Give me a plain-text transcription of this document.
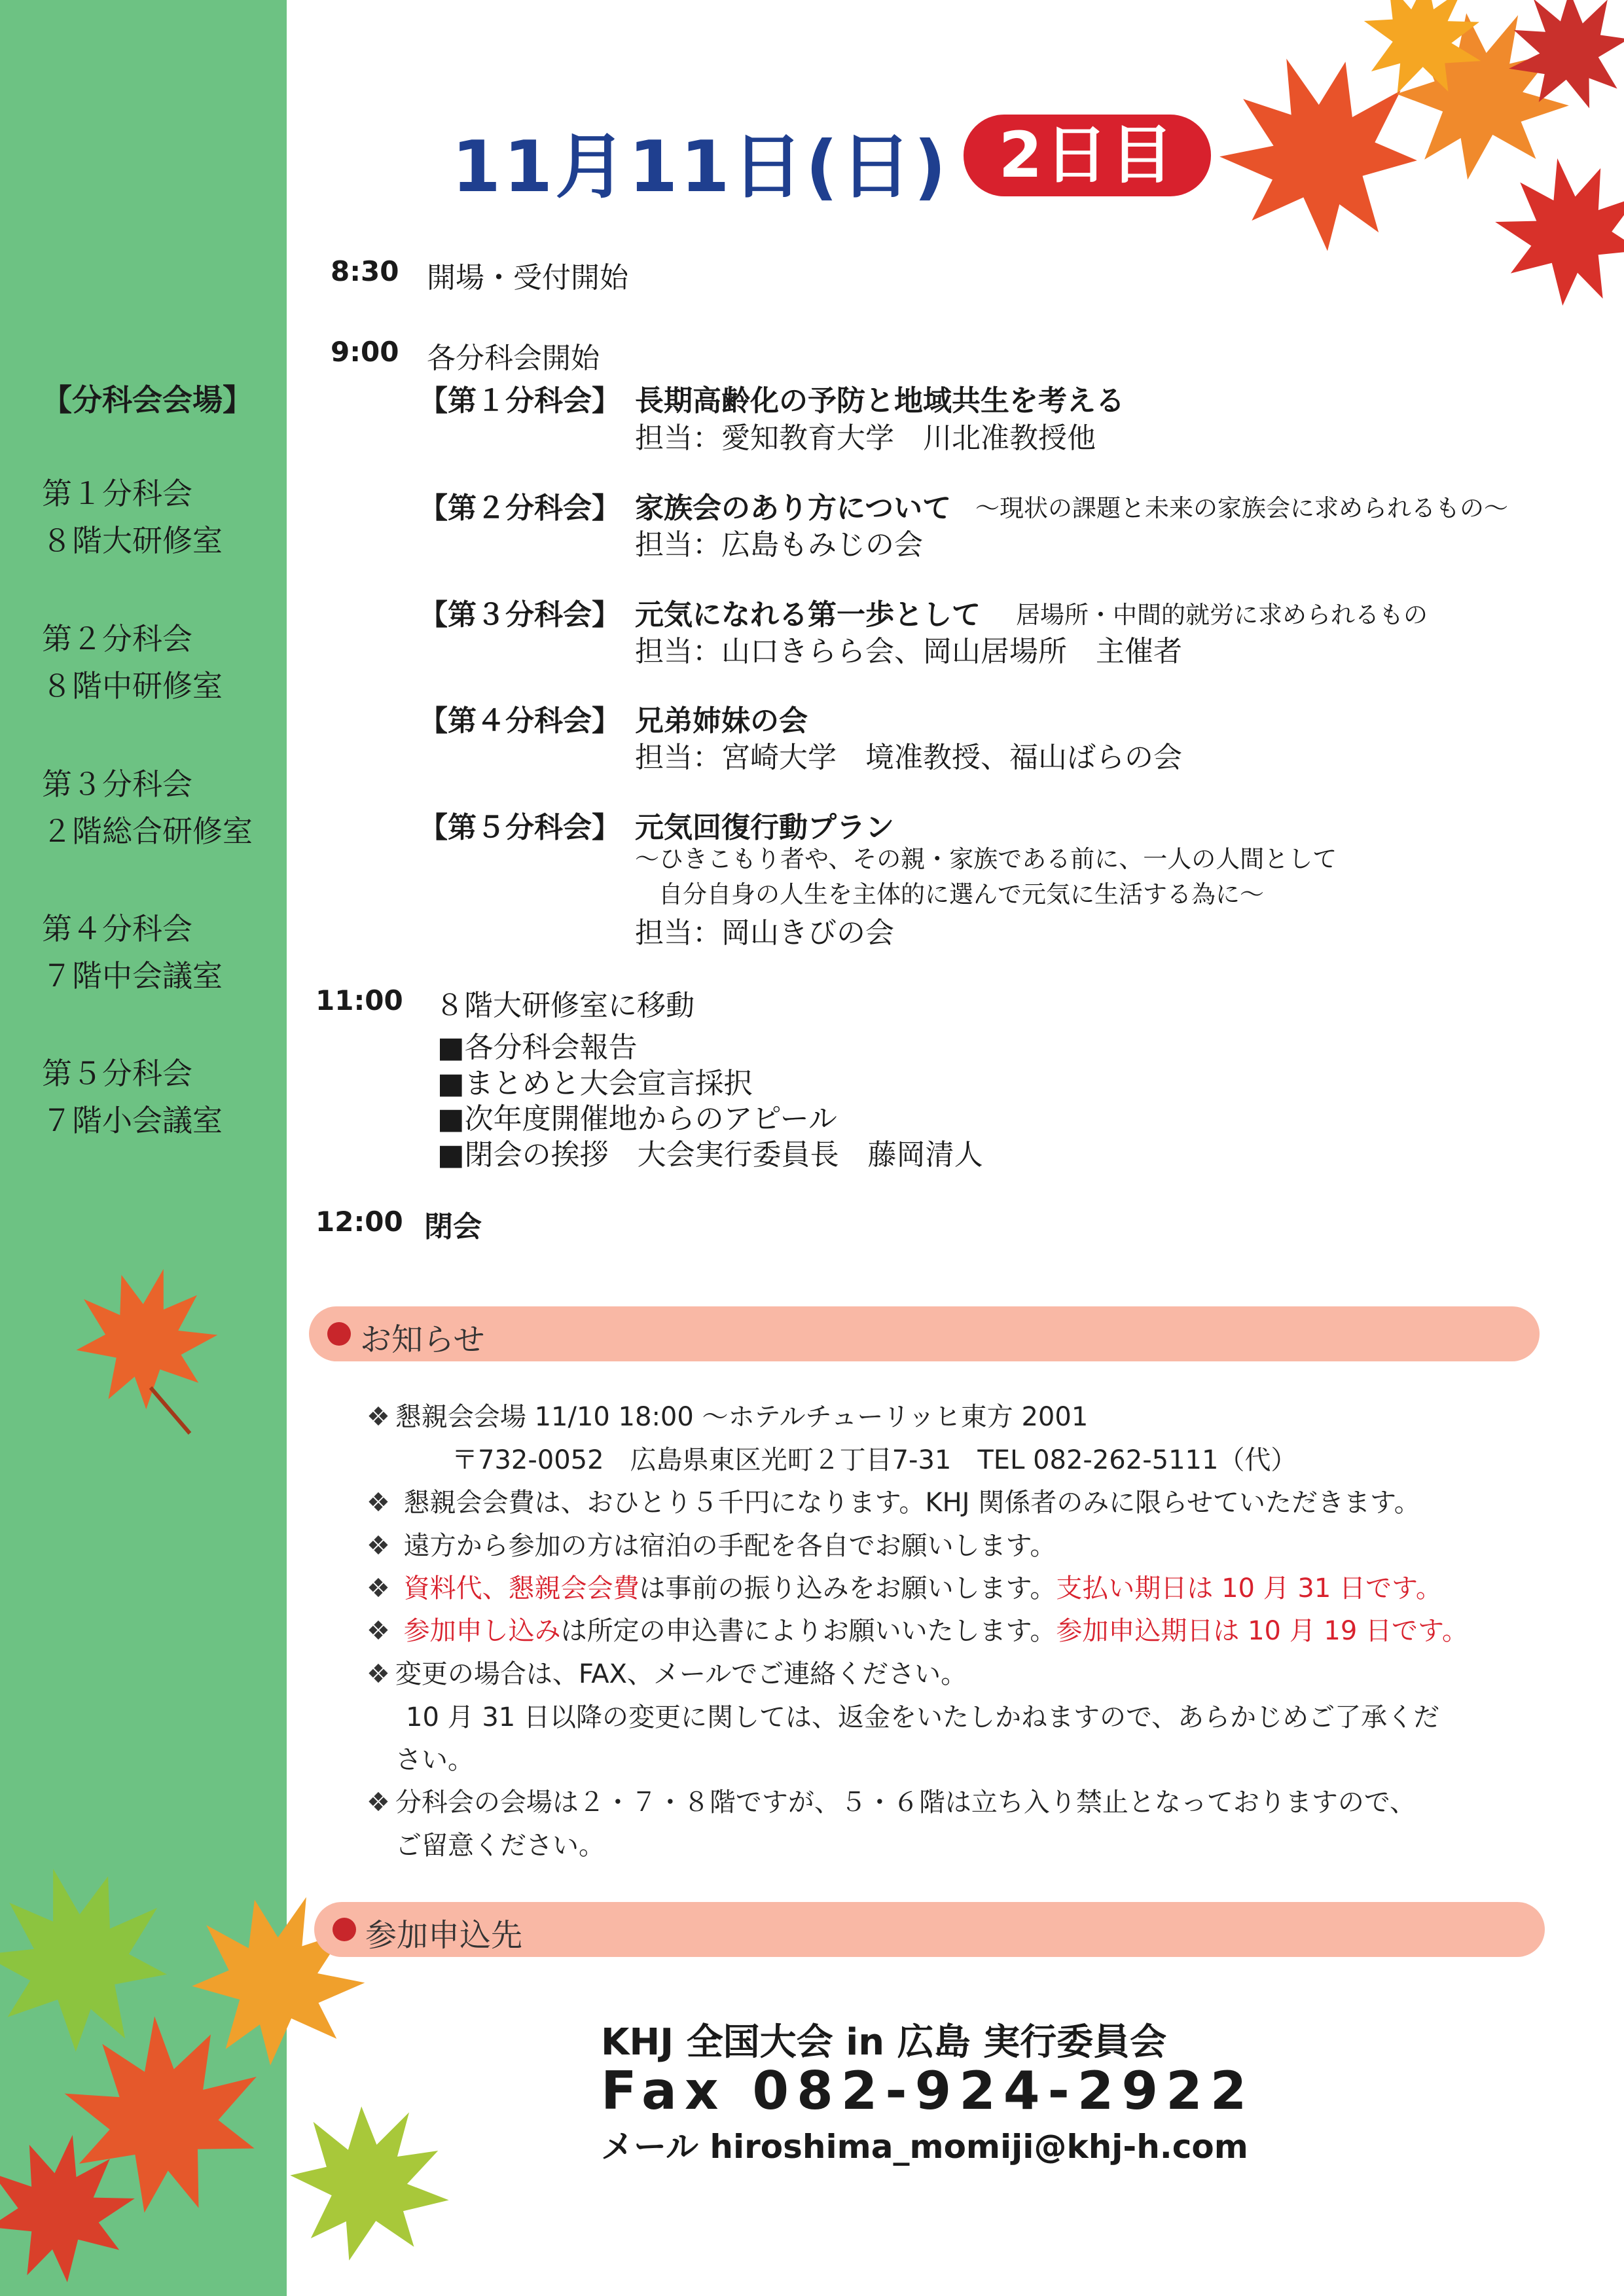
【分科会会場】
第１分科会
８階大研修室
第２分科会
８階中研修室
第３分科会
２階総合研修室
第４分科会
７階中会議室
第５分科会
７階小会議室
11月11日(日) 2日目
8:30 開場・受付開始
9:00 各分科会開始
【第１分科会】 長期高齢化の予防と地域共生を考える
担当：愛知教育大学　川北准教授他
【第２分科会】 家族会のあり方について ～現状の課題と未来の家族会に求められるもの～
担当：広島もみじの会
【第３分科会】 元気になれる第一歩として 居場所・中間的就労に求められるもの
担当：山口きらら会、岡山居場所　主催者
【第４分科会】 兄弟姉妹の会
担当：宮崎大学　境准教授、福山ばらの会
【第５分科会】 元気回復行動プラン
～ひきこもり者や、その親・家族である前に、一人の人間として
自分自身の人生を主体的に選んで元気に生活する為に～
担当：岡山きびの会
11:00 ８階大研修室に移動
■各分科会報告
■まとめと大会宣言採択
■次年度開催地からのアピール
■閉会の挨拶　大会実行委員長　藤岡清人
12:00 閉会
お知らせ
❖ 懇親会会場 11/10 18:00 ～ホテルチューリッヒ東方 2001
〒732-0052　広島県東区光町２丁目7-31　TEL 082-262-5111（代）
❖ 懇親会会費は、おひとり５千円になります。KHJ 関係者のみに限らせていただきます。
❖ 遠方から参加の方は宿泊の手配を各自でお願いします。
❖ 資料代、懇親会会費は事前の振り込みをお願いします。支払い期日は 10 月 31 日です。
❖ 参加申し込みは所定の申込書によりお願いいたします。参加申込期日は 10 月 19 日です。
❖ 変更の場合は、FAX、メールでご連絡ください。
10 月 31 日以降の変更に関しては、返金をいたしかねますので、あらかじめご了承くだ
さい。
❖ 分科会の会場は２・７・８階ですが、５・６階は立ち入り禁止となっておりますので、
ご留意ください。
参加申込先
KHJ 全国大会 in 広島 実行委員会
Fax 082-924-2922
メール hiroshima_momiji@khj-h.com
